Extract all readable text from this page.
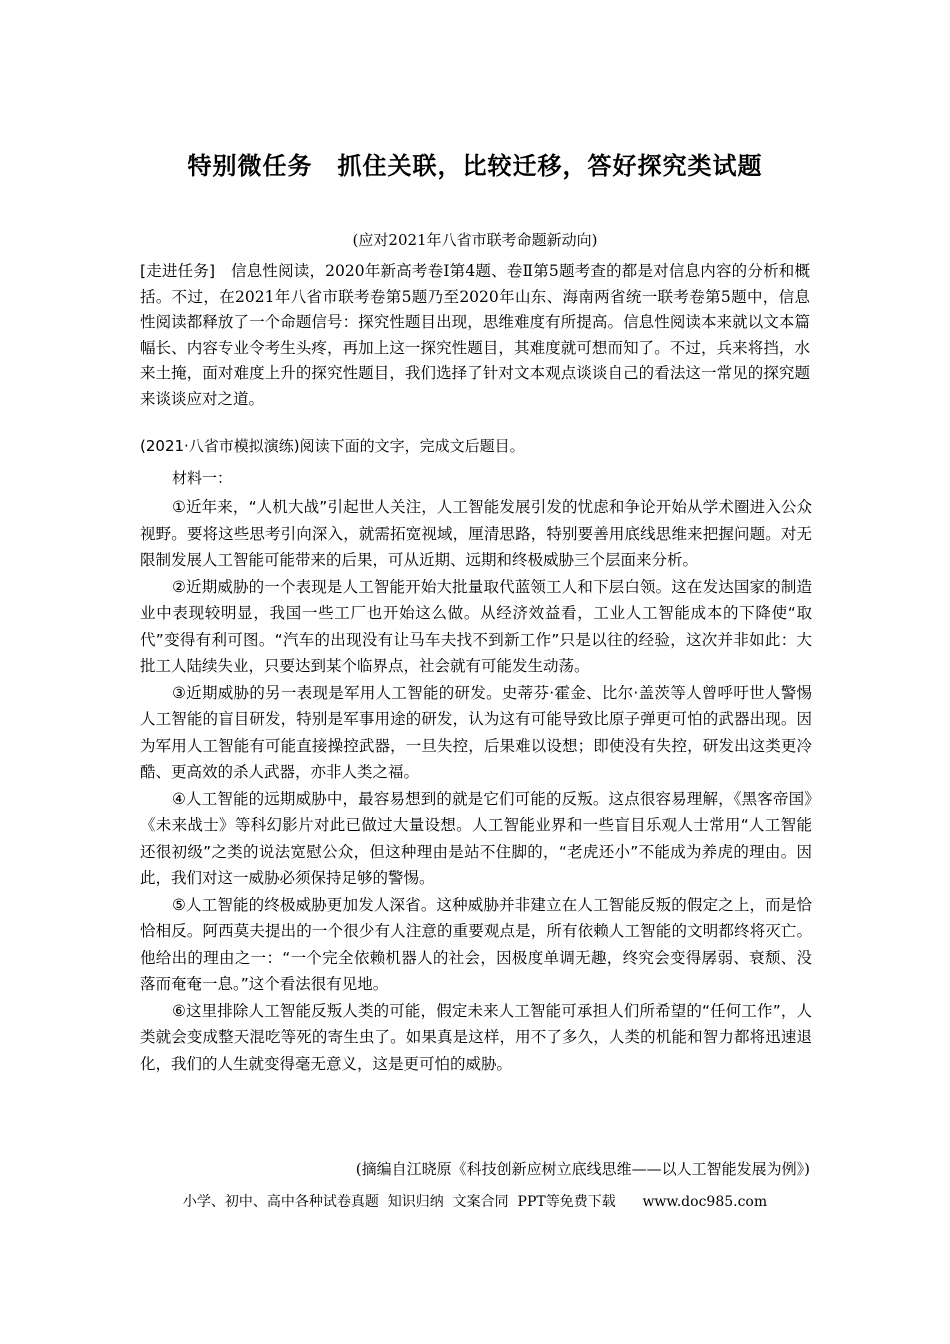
特别微任务　抓住关联，比较迁移，答好探究类试题
(应对2021年八省市联考命题新动向)
[走进任务]　信息性阅读，2020年新高考卷Ⅰ第4题、卷Ⅱ第5题考查的都是对信息内容的分析和概括。不过，在2021年八省市联考卷第5题乃至2020年山东、海南两省统一联考卷第5题中，信息性阅读都释放了一个命题信号：探究性题目出现，思维难度有所提高。信息性阅读本来就以文本篇幅长、内容专业令考生头疼，再加上这一探究性题目，其难度就可想而知了。不过，兵来将挡，水来土掩，面对难度上升的探究性题目，我们选择了针对文本观点谈谈自己的看法这一常见的探究题来谈谈应对之道。
(2021·八省市模拟演练)阅读下面的文字，完成文后题目。
材料一：

①近年来，“人机大战”引起世人关注，人工智能发展引发的忧虑和争论开始从学术圈进入公众视野。要将这些思考引向深入，就需拓宽视域，厘清思路，特别要善用底线思维来把握问题。对无限制发展人工智能可能带来的后果，可从近期、远期和终极威胁三个层面来分析。

②近期威胁的一个表现是人工智能开始大批量取代蓝领工人和下层白领。这在发达国家的制造业中表现较明显，我国一些工厂也开始这么做。从经济效益看，工业人工智能成本的下降使“取代”变得有利可图。“汽车的出现没有让马车夫找不到新工作”只是以往的经验，这次并非如此：大批工人陆续失业，只要达到某个临界点，社会就有可能发生动荡。

③近期威胁的另一表现是军用人工智能的研发。史蒂芬·霍金、比尔·盖茨等人曾呼吁世人警惕人工智能的盲目研发，特别是军事用途的研发，认为这有可能导致比原子弹更可怕的武器出现。因为军用人工智能有可能直接操控武器，一旦失控，后果难以设想；即使没有失控，研发出这类更冷酷、更高效的杀人武器，亦非人类之福。

④人工智能的远期威胁中，最容易想到的就是它们可能的反叛。这点很容易理解，《黑客帝国》《未来战士》等科幻影片对此已做过大量设想。人工智能业界和一些盲目乐观人士常用“人工智能还很初级”之类的说法宽慰公众，但这种理由是站不住脚的，“老虎还小”不能成为养虎的理由。因此，我们对这一威胁必须保持足够的警惕。

⑤人工智能的终极威胁更加发人深省。这种威胁并非建立在人工智能反叛的假定之上，而是恰恰相反。阿西莫夫提出的一个很少有人注意的重要观点是，所有依赖人工智能的文明都终将灭亡。他给出的理由之一：“一个完全依赖机器人的社会，因极度单调无趣，终究会变得孱弱、衰颓、没落而奄奄一息。”这个看法很有见地。

⑥这里排除人工智能反叛人类的可能，假定未来人工智能可承担人们所希望的“任何工作”，人类就会变成整天混吃等死的寄生虫了。如果真是这样，用不了多久，人类的机能和智力都将迅速退化，我们的人生就变得毫无意义，这是更可怕的威胁。

(摘编自江晓原《科技创新应树立底线思维——以人工智能发展为例》)
小学、初中、高中各种试卷真题  知识归纳  文案合同  PPT等免费下载      www.doc985.com
